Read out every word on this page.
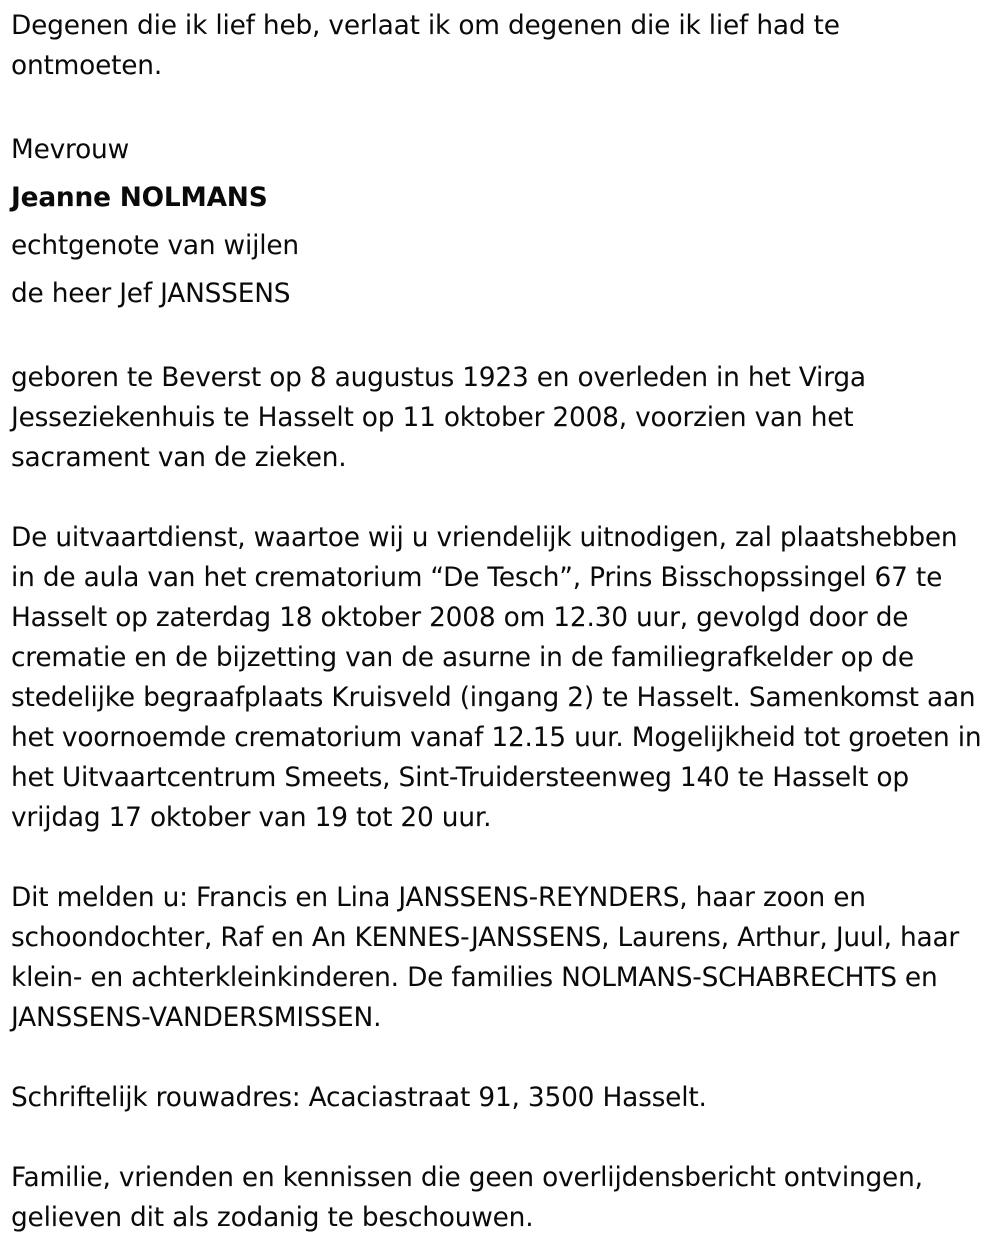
Degenen die ik lief heb, verlaat ik om degenen die ik lief had te ontmoeten.

Mevrouw

Jeanne NOLMANS

echtgenote van wijlen

de heer Jef JANSSENS

geboren te Beverst op 8 augustus 1923 en overleden in het Virga Jesseziekenhuis te Hasselt op 11 oktober 2008, voorzien van het sacrament van de zieken.

De uitvaartdienst, waartoe wij u vriendelijk uitnodigen, zal plaatshebben in de aula van het crematorium “De Tesch”, Prins Bisschopssingel 67 te Hasselt op zaterdag 18 oktober 2008 om 12.30 uur, gevolgd door de crematie en de bijzetting van de asurne in de familiegrafkelder op de stedelijke begraafplaats Kruisveld (ingang 2) te Hasselt. Samenkomst aan het voornoemde crematorium vanaf 12.15 uur. Mogelijkheid tot groeten in het Uitvaartcentrum Smeets, Sint-Truidersteenweg 140 te Hasselt op vrijdag 17 oktober van 19 tot 20 uur.

Dit melden u: Francis en Lina JANSSENS-REYNDERS, haar zoon en schoondochter, Raf en An KENNES-JANSSENS, Laurens, Arthur, Juul, haar klein- en achterkleinkinderen. De families NOLMANS-SCHABRECHTS en JANSSENS-VANDERSMISSEN.

Schriftelijk rouwadres: Acaciastraat 91, 3500 Hasselt.

Familie, vrienden en kennissen die geen overlijdensbericht ontvingen, gelieven dit als zodanig te beschouwen.
